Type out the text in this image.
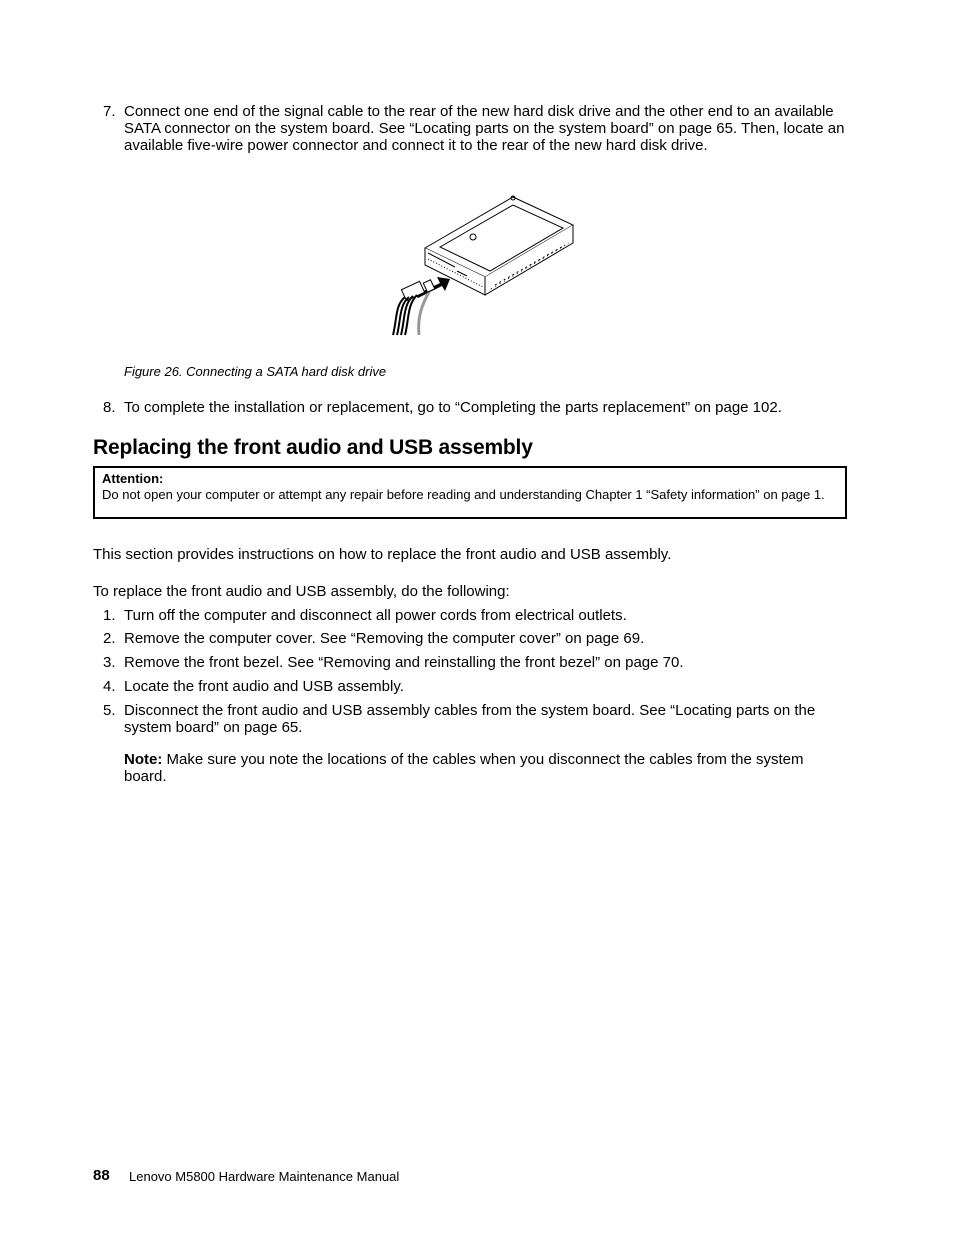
7. Connect one end of the signal cable to the rear of the new hard disk drive and the other end to an available SATA connector on the system board. See “Locating parts on the system board” on page 65. Then, locate an available five-wire power connector and connect it to the rear of the new hard disk drive.
Figure 26. Connecting a SATA hard disk drive
8. To complete the installation or replacement, go to “Completing the parts replacement” on page 102.
Replacing the front audio and USB assembly
Attention:
Do not open your computer or attempt any repair before reading and understanding Chapter 1 “Safety information” on page 1.
This section provides instructions on how to replace the front audio and USB assembly.
To replace the front audio and USB assembly, do the following:
1. Turn off the computer and disconnect all power cords from electrical outlets.
2. Remove the computer cover. See “Removing the computer cover” on page 69.
3. Remove the front bezel. See “Removing and reinstalling the front bezel” on page 70.
4. Locate the front audio and USB assembly.
5. Disconnect the front audio and USB assembly cables from the system board. See “Locating parts on the system board” on page 65.
Note: Make sure you note the locations of the cables when you disconnect the cables from the system board.
88 Lenovo M5800 Hardware Maintenance Manual
